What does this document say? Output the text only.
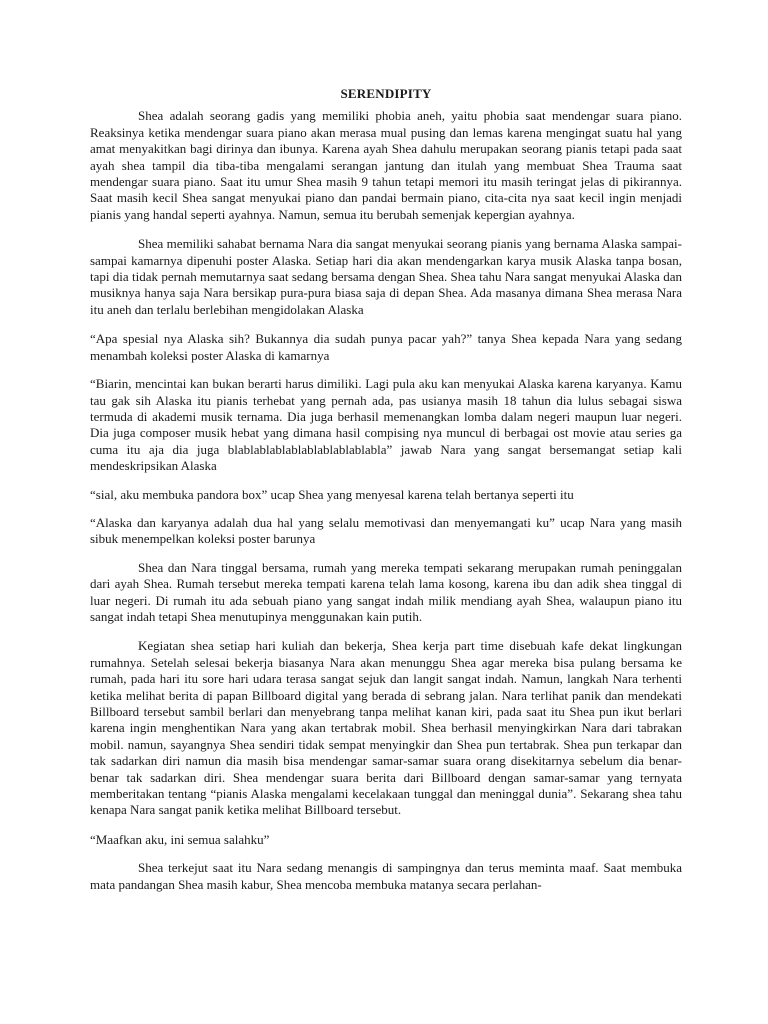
SERENDIPITY

Shea adalah seorang gadis yang memiliki phobia aneh, yaitu phobia saat mendengar suara piano. Reaksinya ketika mendengar suara piano akan merasa mual pusing dan lemas karena mengingat suatu hal yang amat menyakitkan bagi dirinya dan ibunya. Karena ayah Shea dahulu merupakan seorang pianis tetapi pada saat ayah shea tampil dia tiba-tiba mengalami serangan jantung dan itulah yang membuat Shea Trauma saat mendengar suara piano. Saat itu umur Shea masih 9 tahun tetapi memori itu masih teringat jelas di pikirannya. Saat masih kecil Shea sangat menyukai piano dan pandai bermain piano, cita-cita nya saat kecil ingin menjadi pianis yang handal seperti ayahnya. Namun, semua itu berubah semenjak kepergian ayahnya.

Shea memiliki sahabat bernama Nara dia sangat menyukai seorang pianis yang bernama Alaska sampai-sampai kamarnya dipenuhi poster Alaska. Setiap hari dia akan mendengarkan karya musik Alaska tanpa bosan, tapi dia tidak pernah memutarnya saat sedang bersama dengan Shea. Shea tahu Nara sangat menyukai Alaska dan musiknya hanya saja Nara bersikap pura-pura biasa saja di depan Shea. Ada masanya dimana Shea merasa Nara itu aneh dan terlalu berlebihan mengidolakan Alaska

“Apa spesial nya Alaska sih? Bukannya dia sudah punya pacar yah?” tanya Shea kepada Nara yang sedang menambah koleksi poster Alaska di kamarnya

“Biarin, mencintai kan bukan berarti harus dimiliki. Lagi pula aku kan menyukai Alaska karena karyanya. Kamu tau gak sih Alaska itu pianis terhebat yang pernah ada, pas usianya masih 18 tahun dia lulus sebagai siswa termuda di akademi musik ternama. Dia juga berhasil memenangkan lomba dalam negeri maupun luar negeri. Dia juga composer musik hebat yang dimana hasil compising nya muncul di berbagai ost movie atau series ga cuma itu aja dia juga blablablablablablablablablabla” jawab Nara yang sangat bersemangat setiap kali mendeskripsikan Alaska

“sial, aku membuka pandora box” ucap Shea yang menyesal karena telah bertanya seperti itu

“Alaska dan karyanya adalah dua hal yang selalu memotivasi dan menyemangati ku” ucap Nara yang masih sibuk menempelkan koleksi poster barunya

Shea dan Nara tinggal bersama, rumah yang mereka tempati sekarang merupakan rumah peninggalan dari ayah Shea. Rumah tersebut mereka tempati karena telah lama kosong, karena ibu dan adik shea tinggal di luar negeri. Di rumah itu ada sebuah piano yang sangat indah milik mendiang ayah Shea, walaupun piano itu sangat indah tetapi Shea menutupinya menggunakan kain putih.

Kegiatan shea setiap hari kuliah dan bekerja, Shea kerja part time disebuah kafe dekat lingkungan rumahnya. Setelah selesai bekerja biasanya Nara akan menunggu Shea agar mereka bisa pulang bersama ke rumah, pada hari itu sore hari udara terasa sangat sejuk dan langit sangat indah. Namun, langkah Nara terhenti ketika melihat berita di papan Billboard digital yang berada di sebrang jalan. Nara terlihat panik dan mendekati Billboard tersebut sambil berlari dan menyebrang tanpa melihat kanan kiri, pada saat itu Shea pun ikut berlari karena ingin menghentikan Nara yang akan tertabrak mobil. Shea berhasil menyingkirkan Nara dari tabrakan mobil. namun, sayangnya Shea sendiri tidak sempat menyingkir dan Shea pun tertabrak. Shea pun terkapar dan tak sadarkan diri namun dia masih bisa mendengar samar-samar suara orang disekitarnya sebelum dia benar-benar tak sadarkan diri. Shea mendengar suara berita dari Billboard dengan samar-samar yang ternyata memberitakan tentang “pianis Alaska mengalami kecelakaan tunggal dan meninggal dunia”. Sekarang shea tahu kenapa Nara sangat panik ketika melihat Billboard tersebut.

“Maafkan aku, ini semua salahku”

Shea terkejut saat itu Nara sedang menangis di sampingnya dan terus meminta maaf. Saat membuka mata pandangan Shea masih kabur, Shea mencoba membuka matanya secara perlahan-
